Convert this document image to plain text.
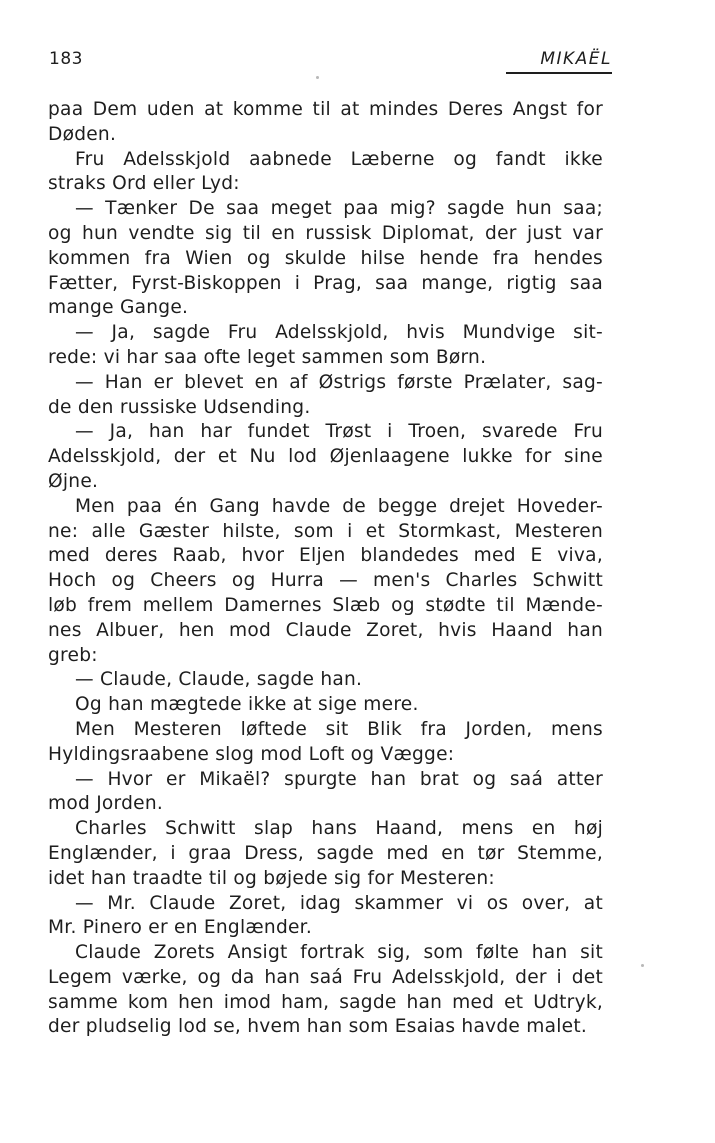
183	MIKAËL
paa Dem uden at komme til at mindes Deres Angst for
Døden.
Fru Adelsskjold aabnede Læberne og fandt ikke
straks Ord eller Lyd:
— Tænker De saa meget paa mig? sagde hun saa;
og hun vendte sig til en russisk Diplomat, der just var
kommen fra Wien og skulde hilse hende fra hendes
Fætter, Fyrst-Biskoppen i Prag, saa mange, rigtig saa
mange Gange.
— Ja, sagde Fru Adelsskjold, hvis Mundvige sit-
rede: vi har saa ofte leget sammen som Børn.
— Han er blevet en af Østrigs første Prælater, sag-
de den russiske Udsending.
— Ja, han har fundet Trøst i Troen, svarede Fru
Adelsskjold, der et Nu lod Øjenlaagene lukke for sine
Øjne.
Men paa én Gang havde de begge drejet Hoveder-
ne: alle Gæster hilste, som i et Stormkast, Mesteren
med deres Raab, hvor Eljen blandedes med E viva,
Hoch og Cheers og Hurra — men's Charles Schwitt
løb frem mellem Damernes Slæb og stødte til Mænde-
nes Albuer, hen mod Claude Zoret, hvis Haand han
greb:
— Claude, Claude, sagde han.
Og han mægtede ikke at sige mere.
Men Mesteren løftede sit Blik fra Jorden, mens
Hyldingsraabene slog mod Loft og Vægge:
— Hvor er Mikaël? spurgte han brat og saá atter
mod Jorden.
Charles Schwitt slap hans Haand, mens en høj
Englænder, i graa Dress, sagde med en tør Stemme,
idet han traadte til og bøjede sig for Mesteren:
— Mr. Claude Zoret, idag skammer vi os over, at
Mr. Pinero er en Englænder.
Claude Zorets Ansigt fortrak sig, som følte han sit
Legem værke, og da han saá Fru Adelsskjold, der i det
samme kom hen imod ham, sagde han med et Udtryk,
der pludselig lod se, hvem han som Esaias havde malet.
